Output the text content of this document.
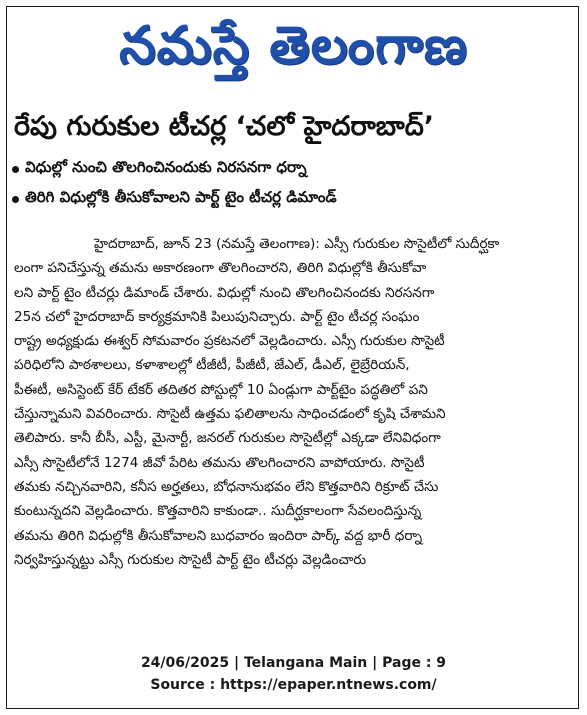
నమస్తే తెలంగాణ
రేపు గురుకుల టీచర్ల ‘చలో హైదరాబాద్’
విధుల్లో నుంచి తొలగించినందుకు నిరసనగా ధర్నా
తిరిగి విధుల్లోకి తీసుకోవాలని పార్ట్ టైం టీచర్ల డిమాండ్
హైదరాబాద్, జూన్ 23 (నమస్తే తెలంగాణ): ఎస్సీ గురుకుల సొసైటీలో సుదీర్ఘకా
లంగా పనిచేస్తున్న తమను అకారణంగా తొలగించారని, తిరిగి విధుల్లోకి తీసుకోవా
లని పార్ట్ టైం టీచర్లు డిమాండ్ చేశారు. విధుల్లో నుంచి తొలగించినందకు నిరసనగా
25న చలో హైదరాబాద్ కార్యక్రమానికి పిలుపునిచ్చారు. పార్ట్ టైం టీచర్ల సంఘం
రాష్ట్ర అధ్యక్షుడు ఈశ్వర్ సోమవారం ప్రకటనలో వెల్లడించారు. ఎస్సీ గురుకుల సొసైటీ
పరిధిలోని పాఠశాలలు, కళాశాలల్లో టీజీటీ, పీజీటీ, జేఎల్, డీఎల్, లైబ్రేరియన్,
పీఈటీ, అసిస్టెంట్ కేర్ టేకర్ తదితర పోస్టుల్లో 10 ఏండ్లుగా పార్ట్‌టైం పద్ధతిలో పని
చేస్తున్నామని వివరించారు. సొసైటీ ఉత్తమ ఫలితాలను సాధించడంలో కృషి చేశామని
తెలిపారు. కానీ బీసీ, ఎస్టీ, మైనార్టీ, జనరల్ గురుకుల సొసైటీల్లో ఎక్కడా లేనివిధంగా
ఎస్సీ సొసైటీలోనే 1274 జీవో పేరిట తమను తొలగించారని వాపోయారు. సొసైటీ
తమకు నచ్చినవారిని, కనీస అర్హతలు, బోధనానుభవం లేని కొత్తవారిని రిక్రూట్ చేసు
కుంటున్నదని వెల్లడించారు. కొత్తవారిని కాకుండా.. సుదీర్ఘకాలంగా సేవలందిస్తున్న
తమను తిరిగి విధుల్లోకి తీసుకోవాలని బుధవారం ఇందిరా పార్క్ వద్ద భారీ ధర్నా
నిర్వహిస్తున్నట్టు ఎస్సీ గురుకుల సొసైటీ పార్ట్ టైం టీచర్లు వెల్లడించారు
24/06/2025 | Telangana Main | Page : 9
Source : https://epaper.ntnews.com/
